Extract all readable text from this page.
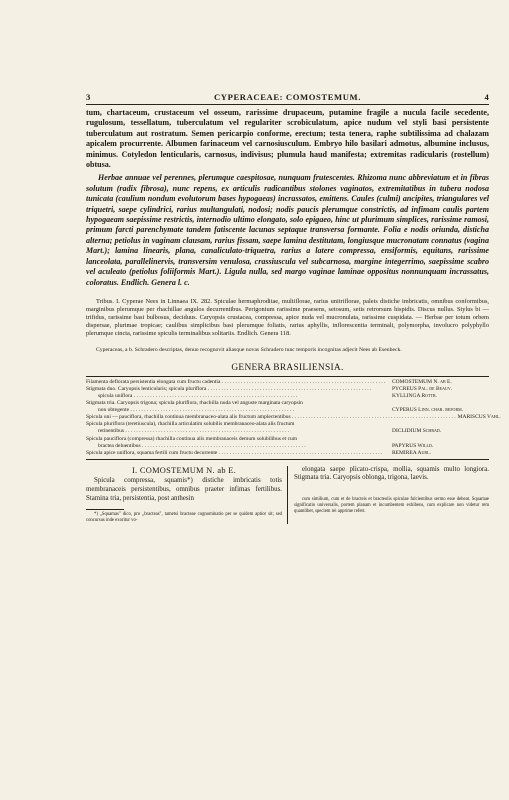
3	CYPERACEAE: COMOSTEMUM.	4

tum, chartaceum, crustaceum vel osseum, rarissime drupaceum, putamine fragile a nucula facile secedente, rugulosum, tessellatum, tuberculatum vel regulariter scrobiculatum, apice nudum vel styli basi persistente tuberculatum aut rostratum. Semen pericarpio conforme, erectum; testa tenera, raphe subtilissima ad chalazam apicalem procurrente. Albumen farinaceum vel carnosiusculum. Embryo hilo basilari admotus, albumine inclusus, minimus. Cotyledon lenticularis, carnosus, indivisus; plumula haud manifesta; extremitas radicularis (rostellum) obtusa.

Herbae annuae vel perennes, plerumque caespitosae, nunquam frutescentes. Rhizoma nunc abbreviatum et in fibras solutum (radix fibrosa), nunc repens, ex articulis radicantibus stolones vaginatos, extremitatibus in tubera nodosa tunicata (caulium nondum evolutorum bases hypogaeas) incrassatos, emittens. Caules (culmi) ancipites, triangulares vel triquetri, saepe cylindrici, rarius multangulati, nodosi; nodis paucis plerumque constrictis, ad infimam caulis partem hypogaeam saepissime restrictis, internodio ultimo elongato, solo epigaeo, hinc ut plurimum simplices, rarissime ramosi, primum farcti parenchymate tandem fatiscente lacunas septaque transversa formante. Folia e nodis oriunda, disticha alterna; petiolus in vaginam clausam, rarius fissam, saepe lamina destitutam, longiusque mucronatam connatus (vagina Mart.); lamina linearis, plana, canaliculato-triquetra, rarius a latere compressa, ensiformis, equitans, rarissime lanceolata, parallelinervis, transversim venulosa, crassiuscula vel subcarnosa, margine integerrimo, saepissime scabro vel aculeato (petiolus foliiformis Mart.). Ligula nulla, sed margo vaginae laminae oppositus nonnunquam incrassatus, coloratus. Endlich. Genera l. c.

Tribus. I. Cyperae Nees in Linnaea IX. 282. Spiculae hermaphroditae, multiflorae, rarius unitriflorae, paleis distiche imbricatis, omnibus conformibus, marginibus plerumque per rhachillae angulos decurrentibus. Perigonium rarissime praesens, setosum, setis retrorsum hispidis. Discus nullus. Stylus bi — trifidus, rarissime basi bulbosus, deciduus. Caryopsis crustacea, compressa, apice nuda vel mucronulata, rarissime cuspidata. — Herbae per totum orbem dispersae, plurimae tropicae; caulibus simplicibus basi plerumque foliatis, rarius aphyllis, inflorescentia terminali, polymorpha, involucro polyphyllo plerumque cincta, rarissime spiculis terminalibus solitariis. Endlich. Genera 118.

Cyperaceas, a b. Schradero descriptas, denuo recognovit aliasque novas Schradero tunc temporis incognitas adjecit Nees ab Esenbeck.

GENERA BRASILIENSIA.
Filamenta deflorata persistentia elongata cum fructu cadentia . . . . . . . . . . . . . . . . . . . . . . . . . . . . . . . . . . . . . . . . . . . . . . . . . . . . . . . . . . . .	COMOSTEMUM N. ab E.
Stigmata duo. Caryopsis lenticularis; spicula pluriflora . . . . . . . . . . . . . . . . . . . . . . . . . . . . . . . . . . . . . . . . . . . . . . . . . . . . . . . . . . . .	PYCREUS Pal. de Beauv.
spicula uniflora . . . . . . . . . . . . . . . . . . . . . . . . . . . . . . . . . . . . . . . . . . . . . . . . . . . . . . . . . . . .	KYLLINGA Rottb.
Stigmata tria. Caryopsis trigona; spicula pluriflora, rhachilla nuda vel anguste marginata caryopsin
non obtegente . . . . . . . . . . . . . . . . . . . . . . . . . . . . . . . . . . . . . . . . . . . . . . . . . . . . . . . . . . . .	CYPERUS Linn. char. reform.
Spicula uni — pauciflora, rhachilla continua membranaceo-alata alis fructum amplectentibus . . . . . . . . . . . . . . . . . . . . . . . . . . . . . . . . . . . . . . . . . . . . . . . . . . . . . . . . . . . . MARISCUS Vahl.
Spicula pluriflora (teretiuscula), rhachilla articulatim solubilis membranaceo-alata alis fructum
retinentibus . . . . . . . . . . . . . . . . . . . . . . . . . . . . . . . . . . . . . . . . . . . . . . . . . . . . . . . . . . . .	DICLIDIUM Schrad.
Spicula pauciflora (compressa) rhachilla continua alis membranaceis demum solubilibus et cum
bractea deluentibus . . . . . . . . . . . . . . . . . . . . . . . . . . . . . . . . . . . . . . . . . . . . . . . . . . . . . . . . . . . .	PAPYRUS Willd.
Spicula apice uniflora, squama fertili cum fructu decurrente . . . . . . . . . . . . . . . . . . . . . . . . . . . . . . . . . . . . . . . . . . . . . . . . . . . . . . . . . . . .	REMIREA Aubl.
I. COMOSTEMUM N. ab E.

Spicula compressa, squamis*) distiche imbricatis totis membranaceis persistentibus, omnibus praeter infimas fertilibus. Stamina tria, persistentia, post anthesin

*) „Squamas" dico, pro „bracteas", tametsi bracteae cognominatio per se quidem aptior sit; sed concursus inde exoritur vo-

elongata saepe plicato-crispa, mollia, squamis multo longiora. Stigmata tria. Caryopsis oblonga, trigona, laevis.

cum similium, cum et de bracteis et bracteolis spiculae fulcientibus sermo esse debeat. Squamae significatio universalis, portem planam et incumbentem exhibens, cum explicare non videtur rem quamlibet, speciem rei apprime refert.
